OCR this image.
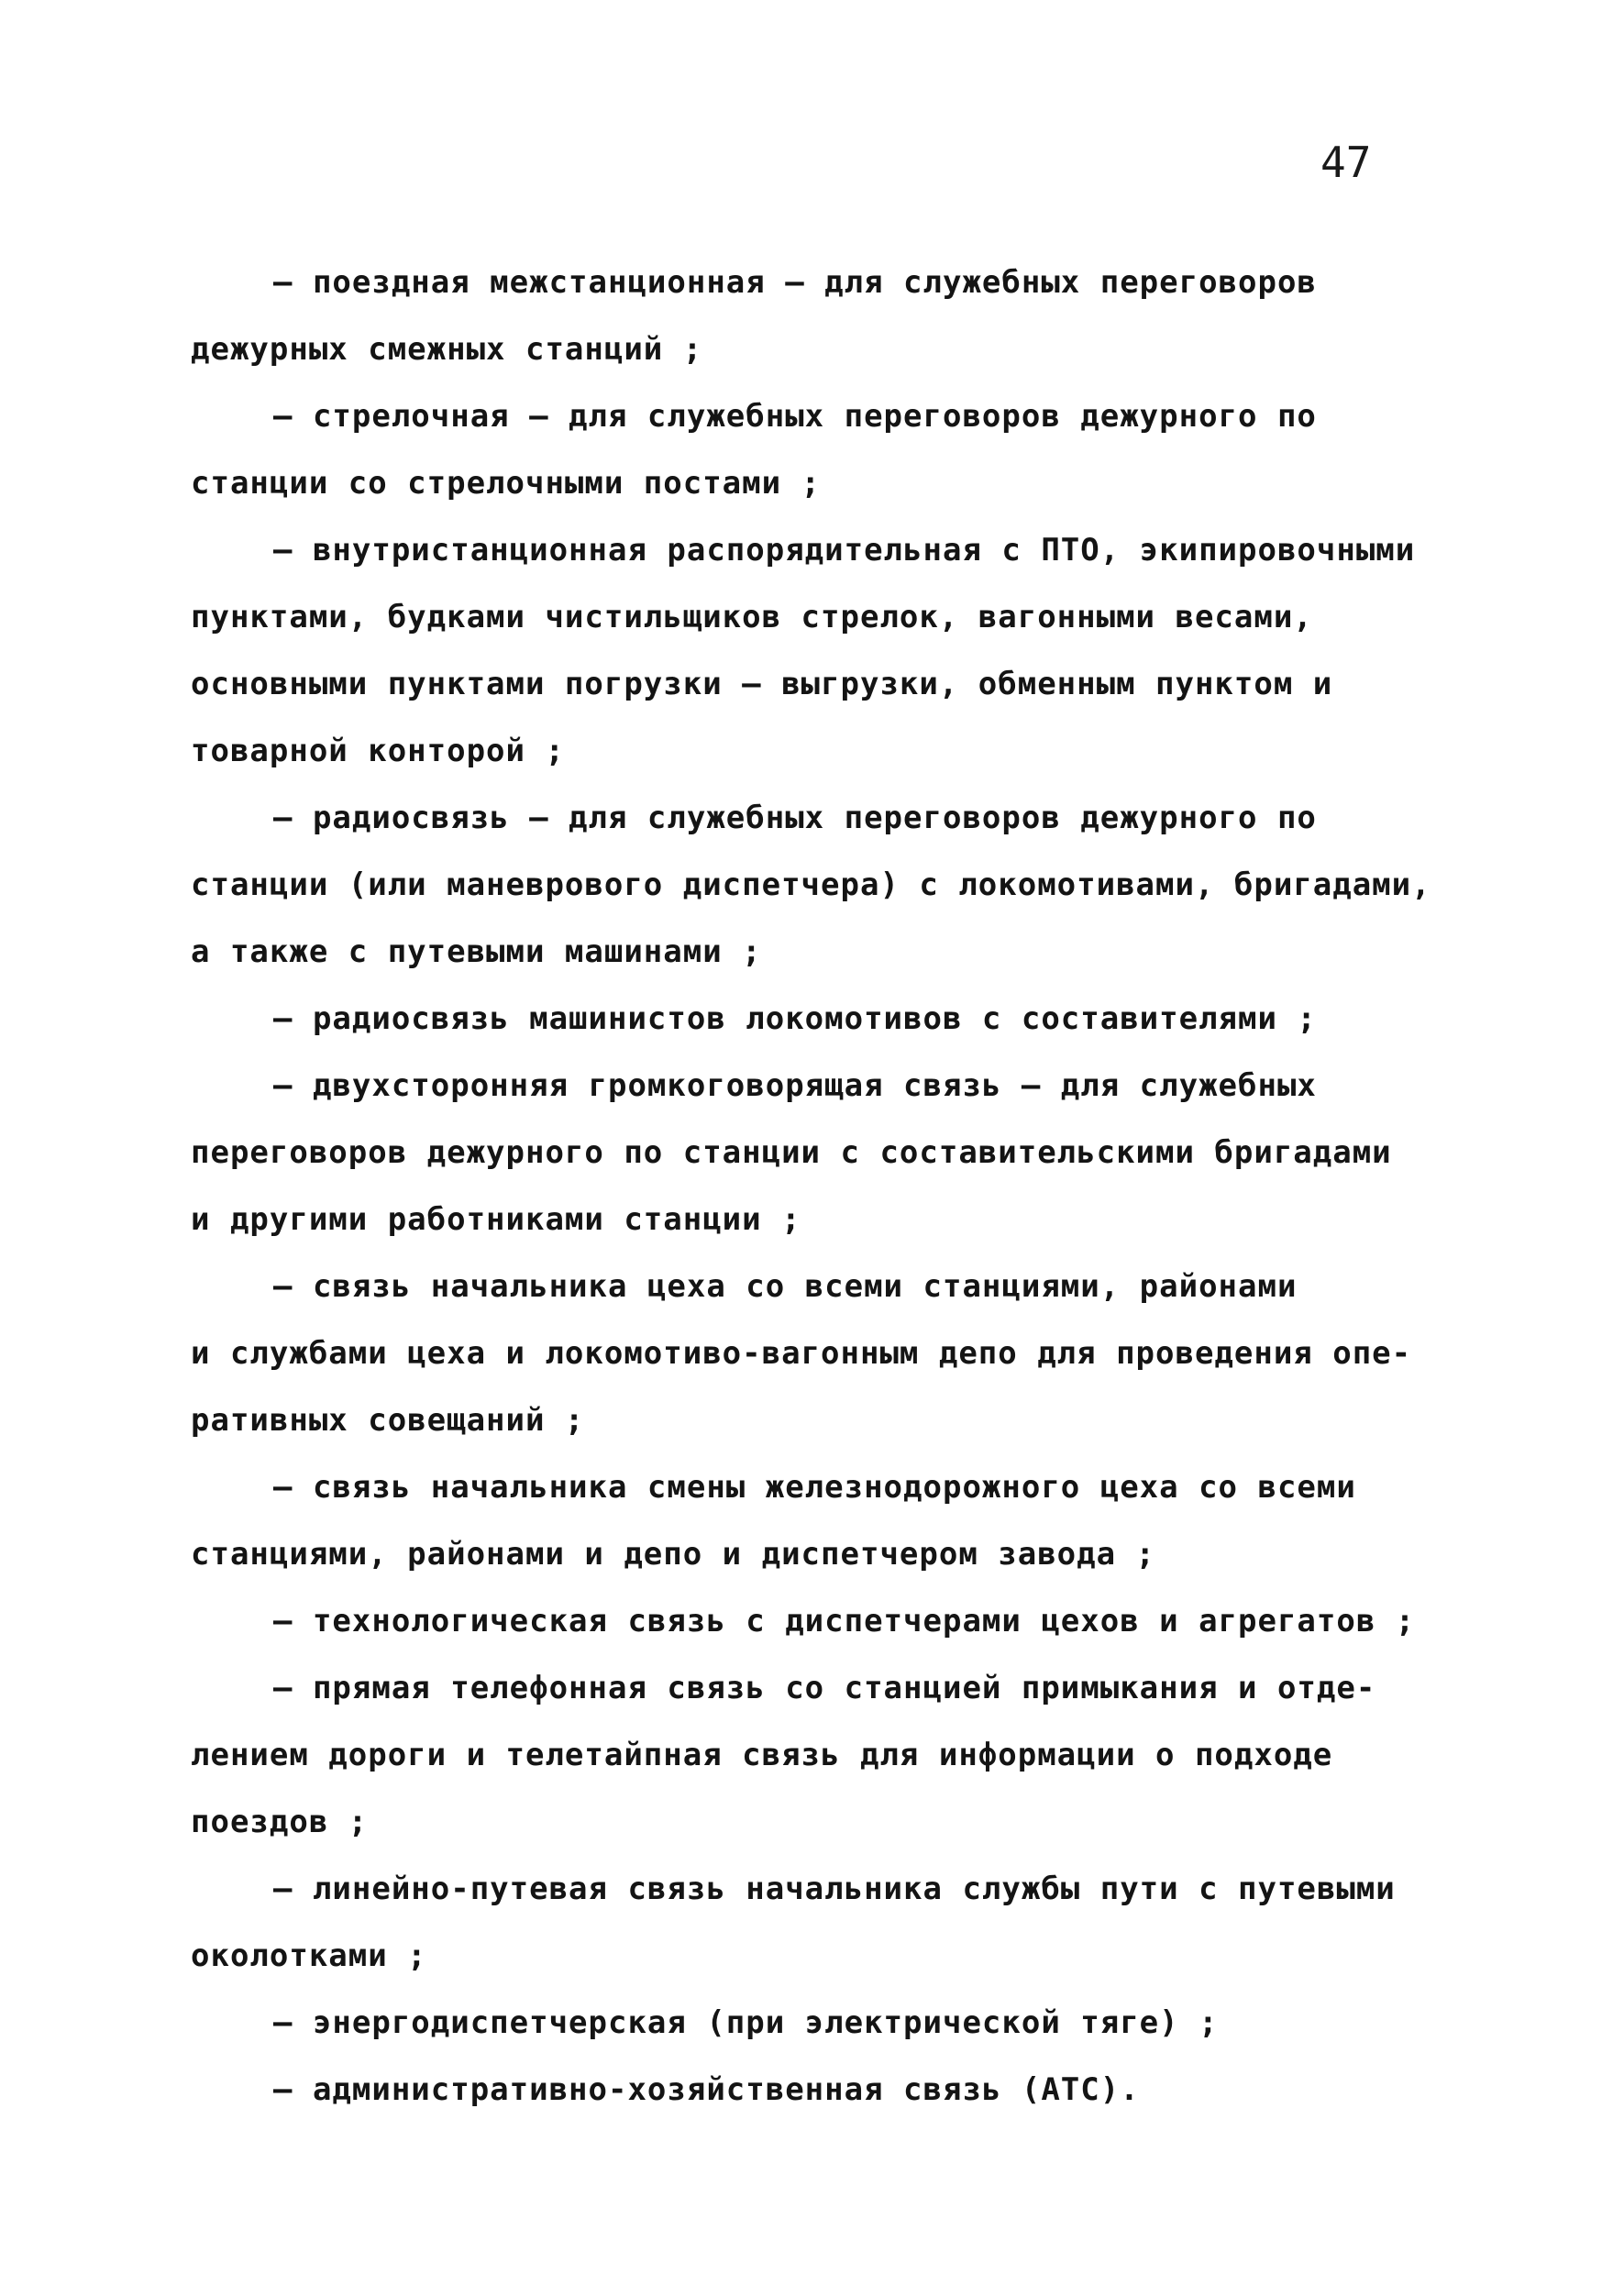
47
– поездная межстанционная – для служебных переговоров
дежурных смежных станций ;
– стрелочная – для служебных переговоров дежурного по
станции со стрелочными постами ;
– внутристанционная распорядительная с ПТО, экипировочными
пунктами, будками чистильщиков стрелок, вагонными весами,
основными пунктами погрузки – выгрузки, обменным пунктом и
товарной конторой ;
– радиосвязь – для служебных переговоров дежурного по
станции (или маневрового диспетчера) с локомотивами, бригадами,
а также с путевыми машинами ;
– радиосвязь машинистов локомотивов с составителями ;
– двухсторонняя громкоговорящая связь – для служебных
переговоров дежурного по станции с составительскими бригадами
и другими работниками станции ;
– связь начальника цеха со всеми станциями, районами
и службами цеха и локомотиво-вагонным депо для проведения опе-
ративных совещаний ;
– связь начальника смены железнодорожного цеха со всеми
станциями, районами и депо и диспетчером завода ;
– технологическая связь с диспетчерами цехов и агрегатов ;
– прямая телефонная связь со станцией примыкания и отде-
лением дороги и телетайпная связь для информации о подходе
поездов ;
– линейно-путевая связь начальника службы пути с путевыми
околотками ;
– энергодиспетчерская (при электрической тяге) ;
– административно-хозяйственная связь (АТС).
